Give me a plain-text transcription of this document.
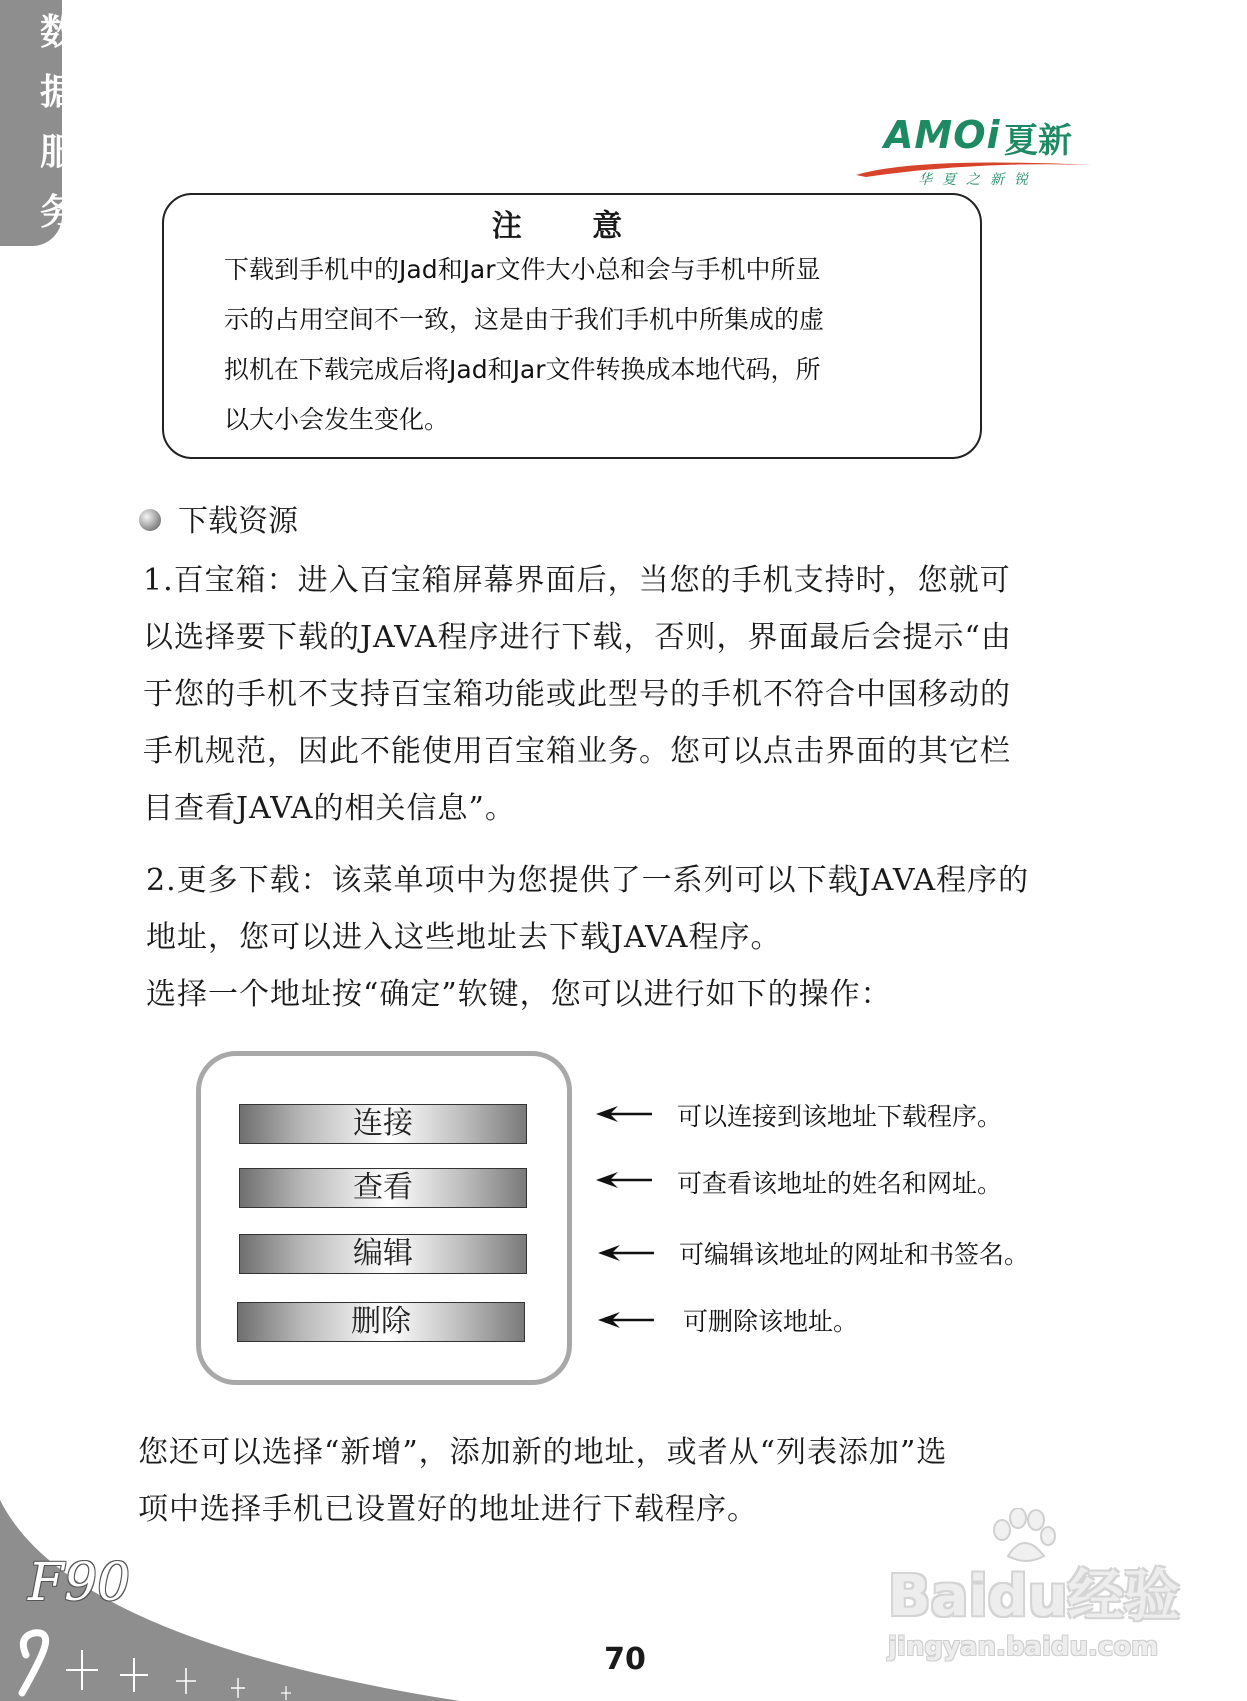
数
据
服
务
AMOi 夏新
华夏之新锐
注 意
下载到手机中的Jad和Jar文件大小总和会与手机中所显
示的占用空间不一致，这是由于我们手机中所集成的虚
拟机在下载完成后将Jad和Jar文件转换成本地代码，所
以大小会发生变化。
下载资源
1.百宝箱：进入百宝箱屏幕界面后，当您的手机支持时，您就可
以选择要下载的JAVA程序进行下载，否则，界面最后会提示“由
于您的手机不支持百宝箱功能或此型号的手机不符合中国移动的
手机规范，因此不能使用百宝箱业务。您可以点击界面的其它栏
目查看JAVA的相关信息”。
2.更多下载：该菜单项中为您提供了一系列可以下载JAVA程序的
地址，您可以进入这些地址去下载JAVA程序。
选择一个地址按“确定”软键，您可以进行如下的操作：
连接
查看
编辑
删除
可以连接到该地址下载程序。
可查看该地址的姓名和网址。
可编辑该地址的网址和书签名。
可删除该地址。
您还可以选择“新增”，添加新的地址，或者从“列表添加”选
项中选择手机已设置好的地址进行下载程序。
F90
70
Baidu经验
jingyan.baidu.com
